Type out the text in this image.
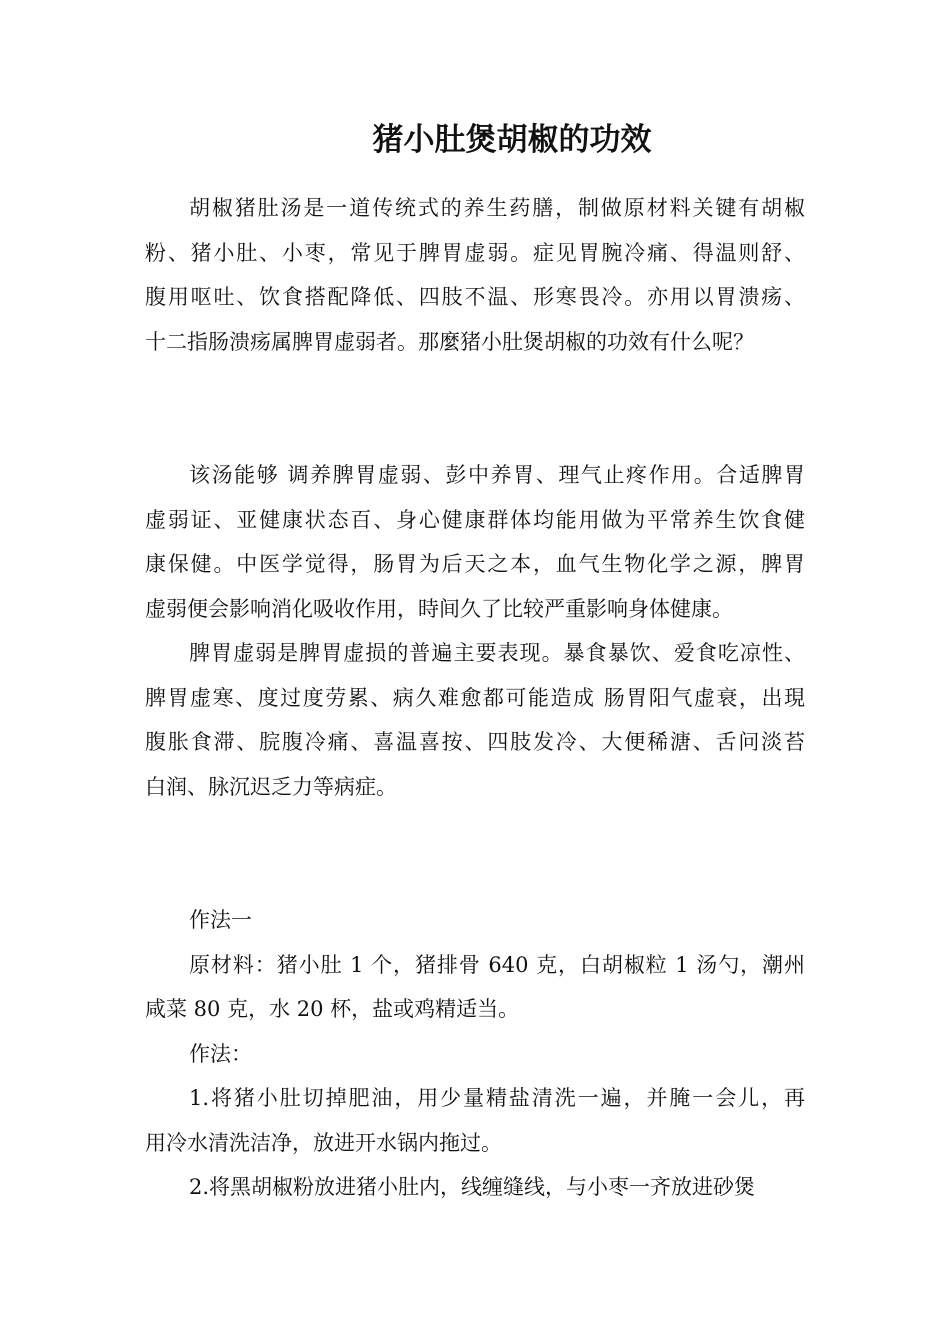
猪小肚煲胡椒的功效
胡椒猪肚汤是一道传统式的养生药膳，制做原材料关键有胡椒
粉、猪小肚、小枣，常见于脾胃虚弱。症见胃腕冷痛、得温则舒、
腹用呕吐、饮食搭配降低、四肢不温、形寒畏冷。亦用以胃溃疡、
十二指肠溃疡属脾胃虚弱者。那麼猪小肚煲胡椒的功效有什么呢？
该汤能够 调养脾胃虚弱、彭中养胃、理气止疼作用。合适脾胃
虚弱证、亚健康状态百、身心健康群体均能用做为平常养生饮食健
康保健。中医学觉得，肠胃为后天之本，血气生物化学之源，脾胃
虚弱便会影响消化吸收作用，時间久了比较严重影响身体健康。
脾胃虚弱是脾胃虚损的普遍主要表现。暴食暴饮、爱食吃凉性、
脾胃虚寒、度过度劳累、病久难愈都可能造成 肠胃阳气虚衰，出現
腹胀食滞、脘腹冷痛、喜温喜按、四肢发冷、大便稀溏、舌问淡苔
白润、脉沉迟乏力等病症。
作法一
原材料：猪小肚 1 个，猪排骨 640 克，白胡椒粒 1 汤勺，潮州
咸菜 80 克，水 20 杯，盐或鸡精适当。
作法：
1.将猪小肚切掉肥油，用少量精盐清洗一遍，并腌一会儿，再
用冷水清洗洁净，放进开水锅内拖过。
2.将黑胡椒粉放进猪小肚内，线缠缝线，与小枣一齐放进砂煲
